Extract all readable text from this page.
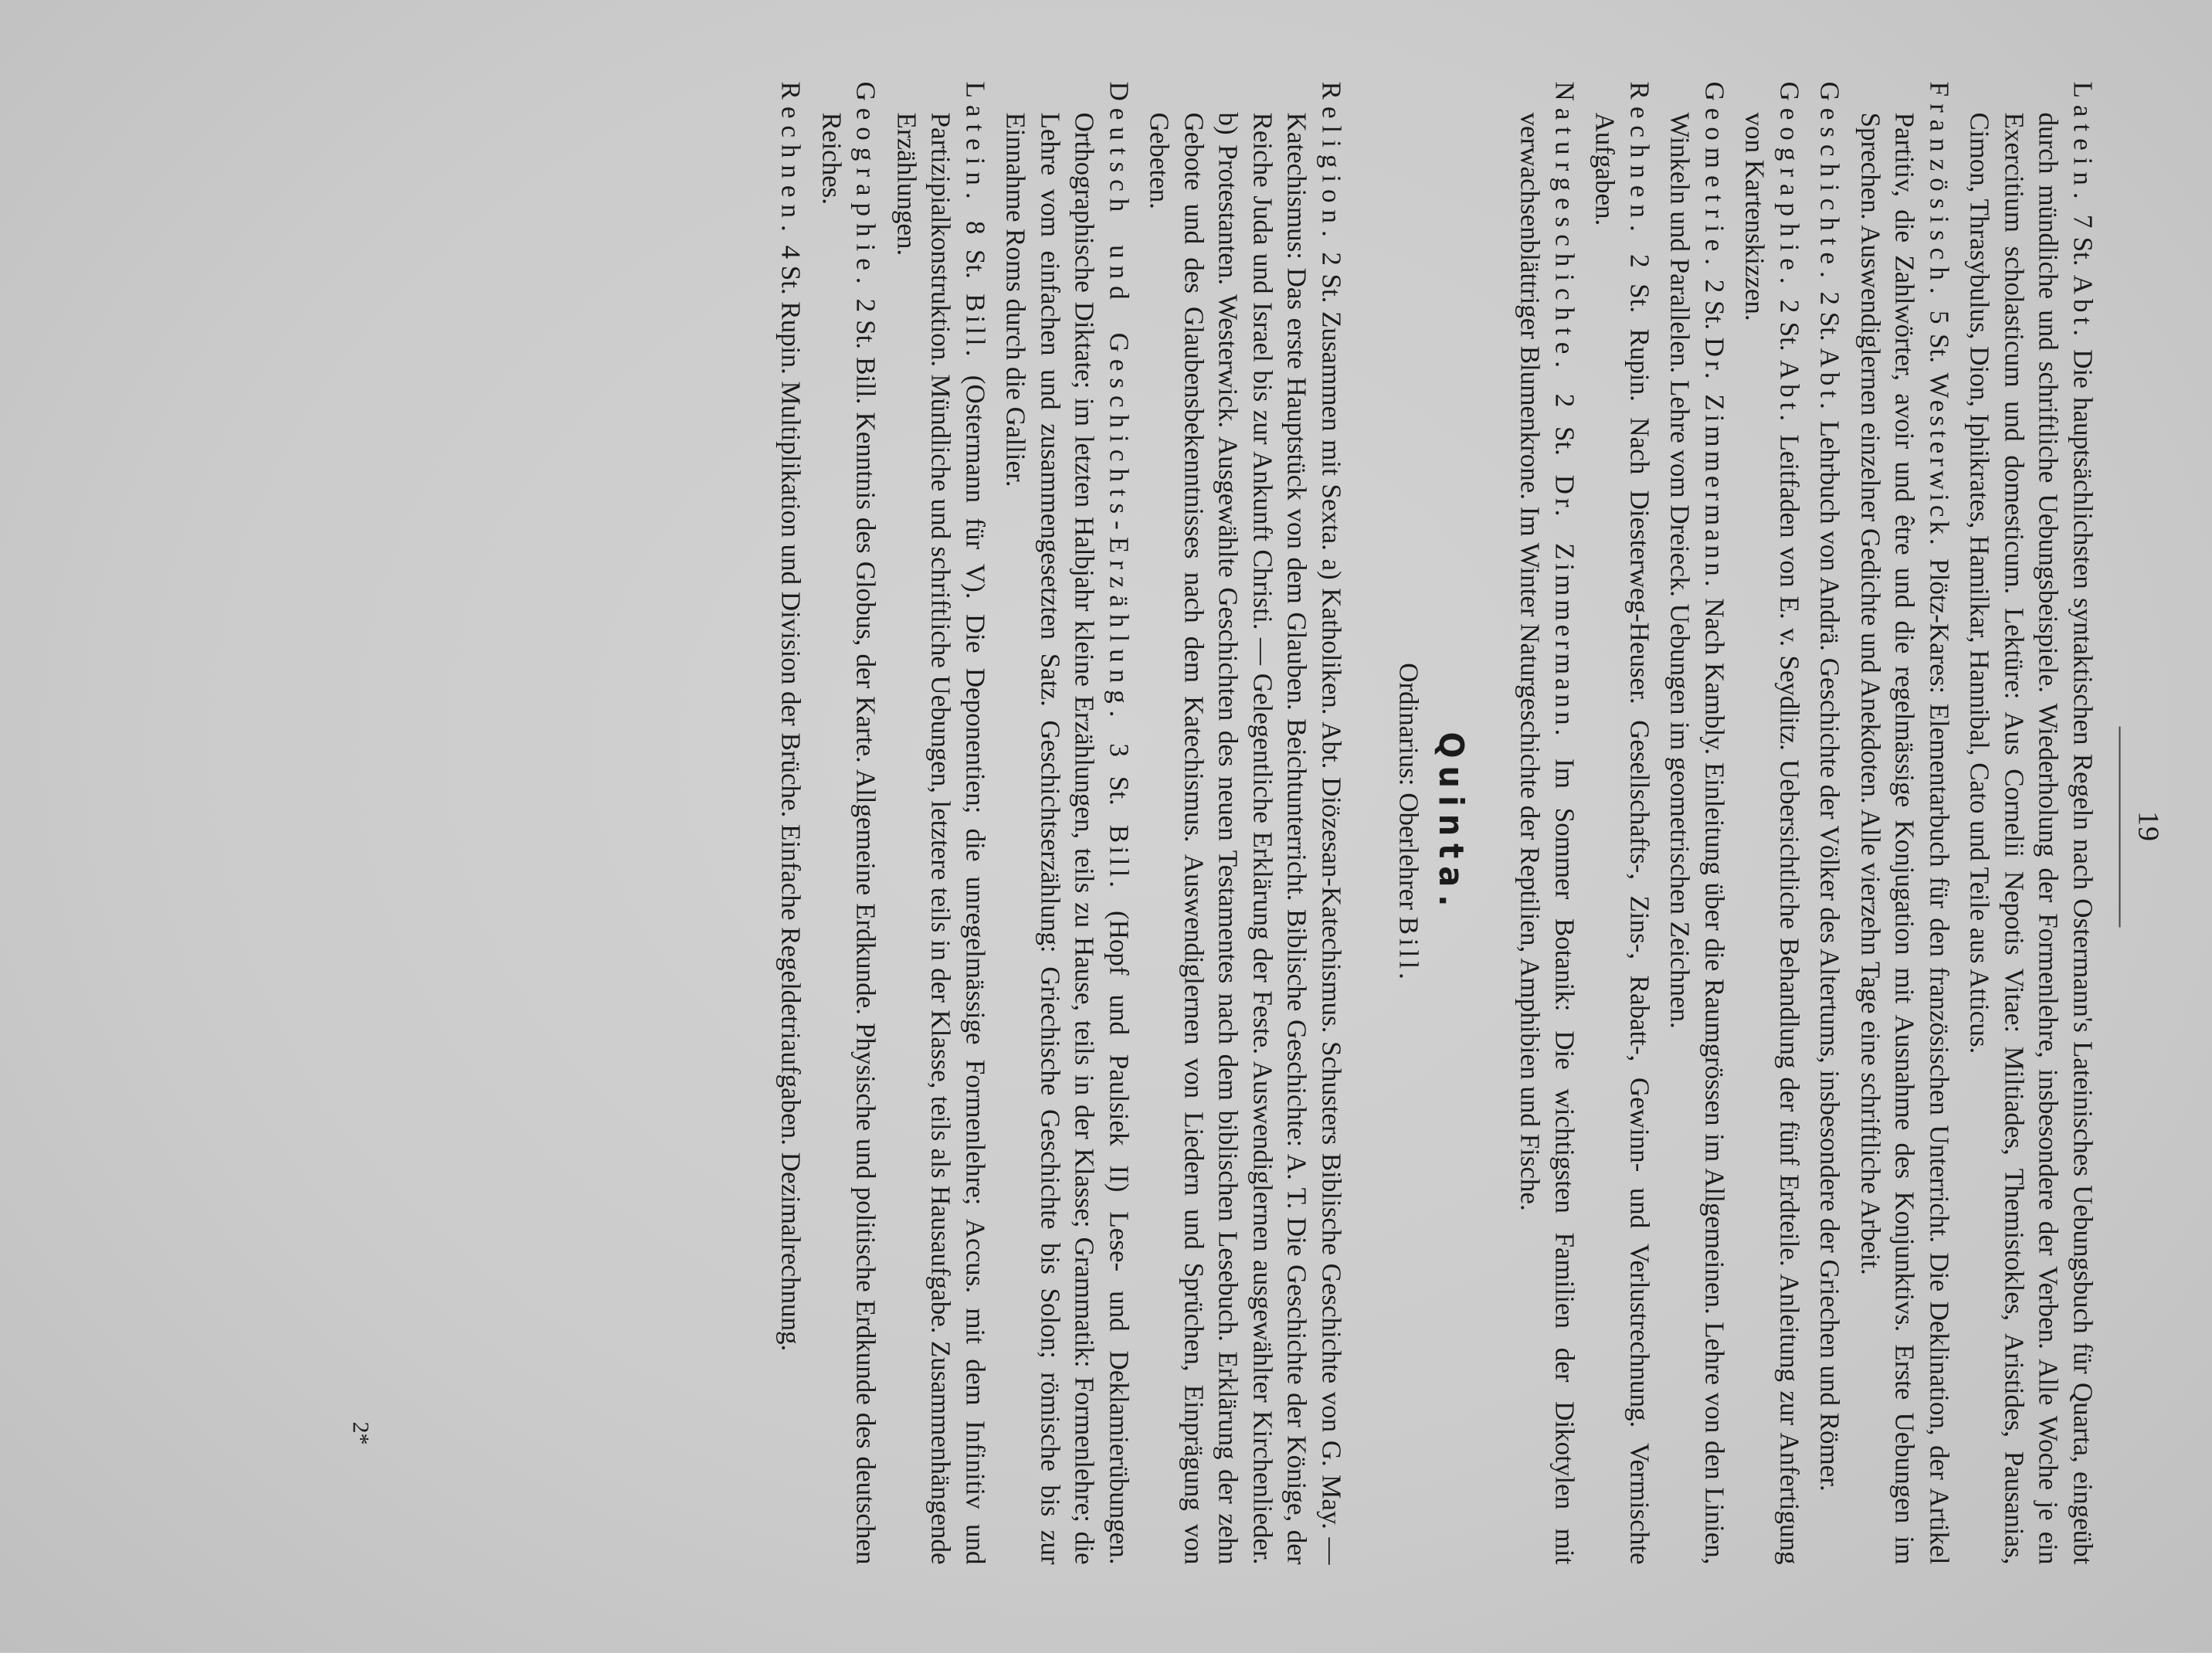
19

Latein. 7 St. Abt. Die hauptsächlichsten syntaktischen Regeln nach Ostermann's Lateinisches Uebungsbuch für Quarta, eingeübt durch mündliche und schriftliche Uebungsbeispiele. Wiederholung der Formenlehre, insbesondere der Verben. Alle Woche je ein Exercitium scholasticum und domesticum. Lektüre: Aus Cornelii Nepotis Vitae: Miltiades, Themistokles, Aristides, Pausanias, Cimon, Thrasybulus, Dion, Iphikrates, Hamilkar, Hannibal, Cato und Teile aus Atticus.

Französisch. 5 St. Westerwick. Plötz-Kares: Elementarbuch für den französischen Unterricht. Die Deklination, der Artikel Partitiv, die Zahlwörter, avoir und être und die regelmässige Konjugation mit Ausnahme des Konjunktivs. Erste Uebungen im Sprechen. Auswendiglernen einzelner Gedichte und Anekdoten. Alle vierzehn Tage eine schriftliche Arbeit.

Geschichte. 2 St. Abt. Lehrbuch von Andrä. Geschichte der Völker des Altertums, insbesondere der Griechen und Römer.

Geographie. 2 St. Abt. Leitfaden von E. v. Seydlitz. Uebersichtliche Behandlung der fünf Erdteile. Anleitung zur Anfertigung von Kartenskizzen.

Geometrie. 2 St. Dr. Zimmermann. Nach Kambly. Einleitung über die Raumgrössen im Allgemeinen. Lehre von den Linien, Winkeln und Parallelen. Lehre vom Dreieck. Uebungen im geometrischen Zeichnen.

Rechnen. 2 St. Rupin. Nach Diesterweg-Heuser. Gesellschafts-, Zins-, Rabatt-, Gewinn- und Verlustrechnung. Vermischte Aufgaben.

Naturgeschichte. 2 St. Dr. Zimmermann. Im Sommer Botanik: Die wichtigsten Familien der Dikotylen mit verwachsenblättriger Blumenkrone. Im Winter Naturgeschichte der Reptilien, Amphibien und Fische.

Quinta.
Ordinarius: Oberlehrer Bill.

Religion. 2 St. Zusammen mit Sexta. a) Katholiken. Abt. Diözesan-Katechismus. Schusters Biblische Geschichte von G. May. — Katechismus: Das erste Hauptstück von dem Glauben. Beichtunterricht. Biblische Geschichte: A. T. Die Geschichte der Könige, der Reiche Juda und Israel bis zur Ankunft Christi. — Gelegentliche Erklärung der Feste. Auswendiglernen ausgewählter Kirchenlieder. b) Protestanten. Westerwick. Ausgewählte Geschichten des neuen Testamentes nach dem biblischen Lesebuch. Erklärung der zehn Gebote und des Glaubensbekenntnisses nach dem Katechismus. Auswendiglernen von Liedern und Sprüchen, Einprägung von Gebeten.

Deutsch und Geschichts-Erzählung. 3 St. Bill. (Hopf und Paulsiek II) Lese- und Deklamierübungen. Orthographische Diktate; im letzten Halbjahr kleine Erzählungen, teils zu Hause, teils in der Klasse; Grammatik: Formenlehre; die Lehre vom einfachen und zusammengesetzten Satz. Geschichtserzählung: Griechische Geschichte bis Solon; römische bis zur Einnahme Roms durch die Gallier.

Latein. 8 St. Bill. (Ostermann für V). Die Deponentien; die unregelmässige Formenlehre; Accus. mit dem Infinitiv und Partizipialkonstruktion. Mündliche und schriftliche Uebungen, letztere teils in der Klasse, teils als Hausaufgabe. Zusammenhängende Erzählungen.

Geographie. 2 St. Bill. Kenntnis des Globus, der Karte. Allgemeine Erdkunde. Physische und politische Erdkunde des deutschen Reiches.

Rechnen. 4 St. Rupin. Multiplikation und Division der Brüche. Einfache Regeldetriaufgaben. Dezimalrechnung.

2*
